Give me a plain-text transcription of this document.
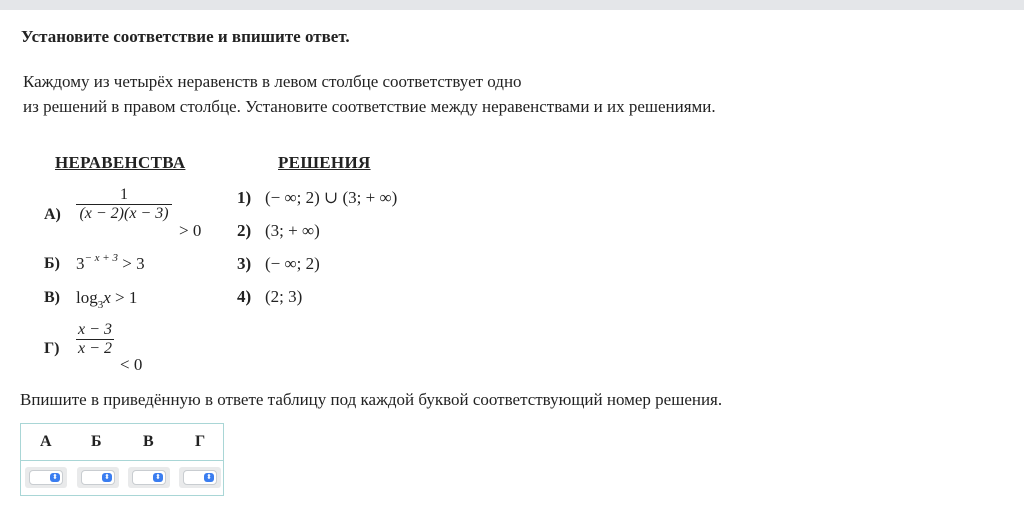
Установите соответствие и впишите ответ.
Каждому из четырёх неравенств в левом столбце соответствует одно
из решений в правом столбце. Установите соответствие между неравенствами и их решениями.
НЕРАВЕНСТВА	РЕШЕНИЯ
А)
1
(x − 2)(x − 3)
> 0
Б) $3^{- x + 3} > 3$
В) $\log_3x > 1$
Г)
x − 3
x − 2
< 0
1) (− ∞; 2) ∪ (3; + ∞)
2) (3; + ∞)
3) (− ∞; 2)
4) (2; 3)
Впишите в приведённую в ответе таблицу под каждой буквой соответствующий номер решения.
А Б	В	Г
⬍	⬍	⬍	⬍
